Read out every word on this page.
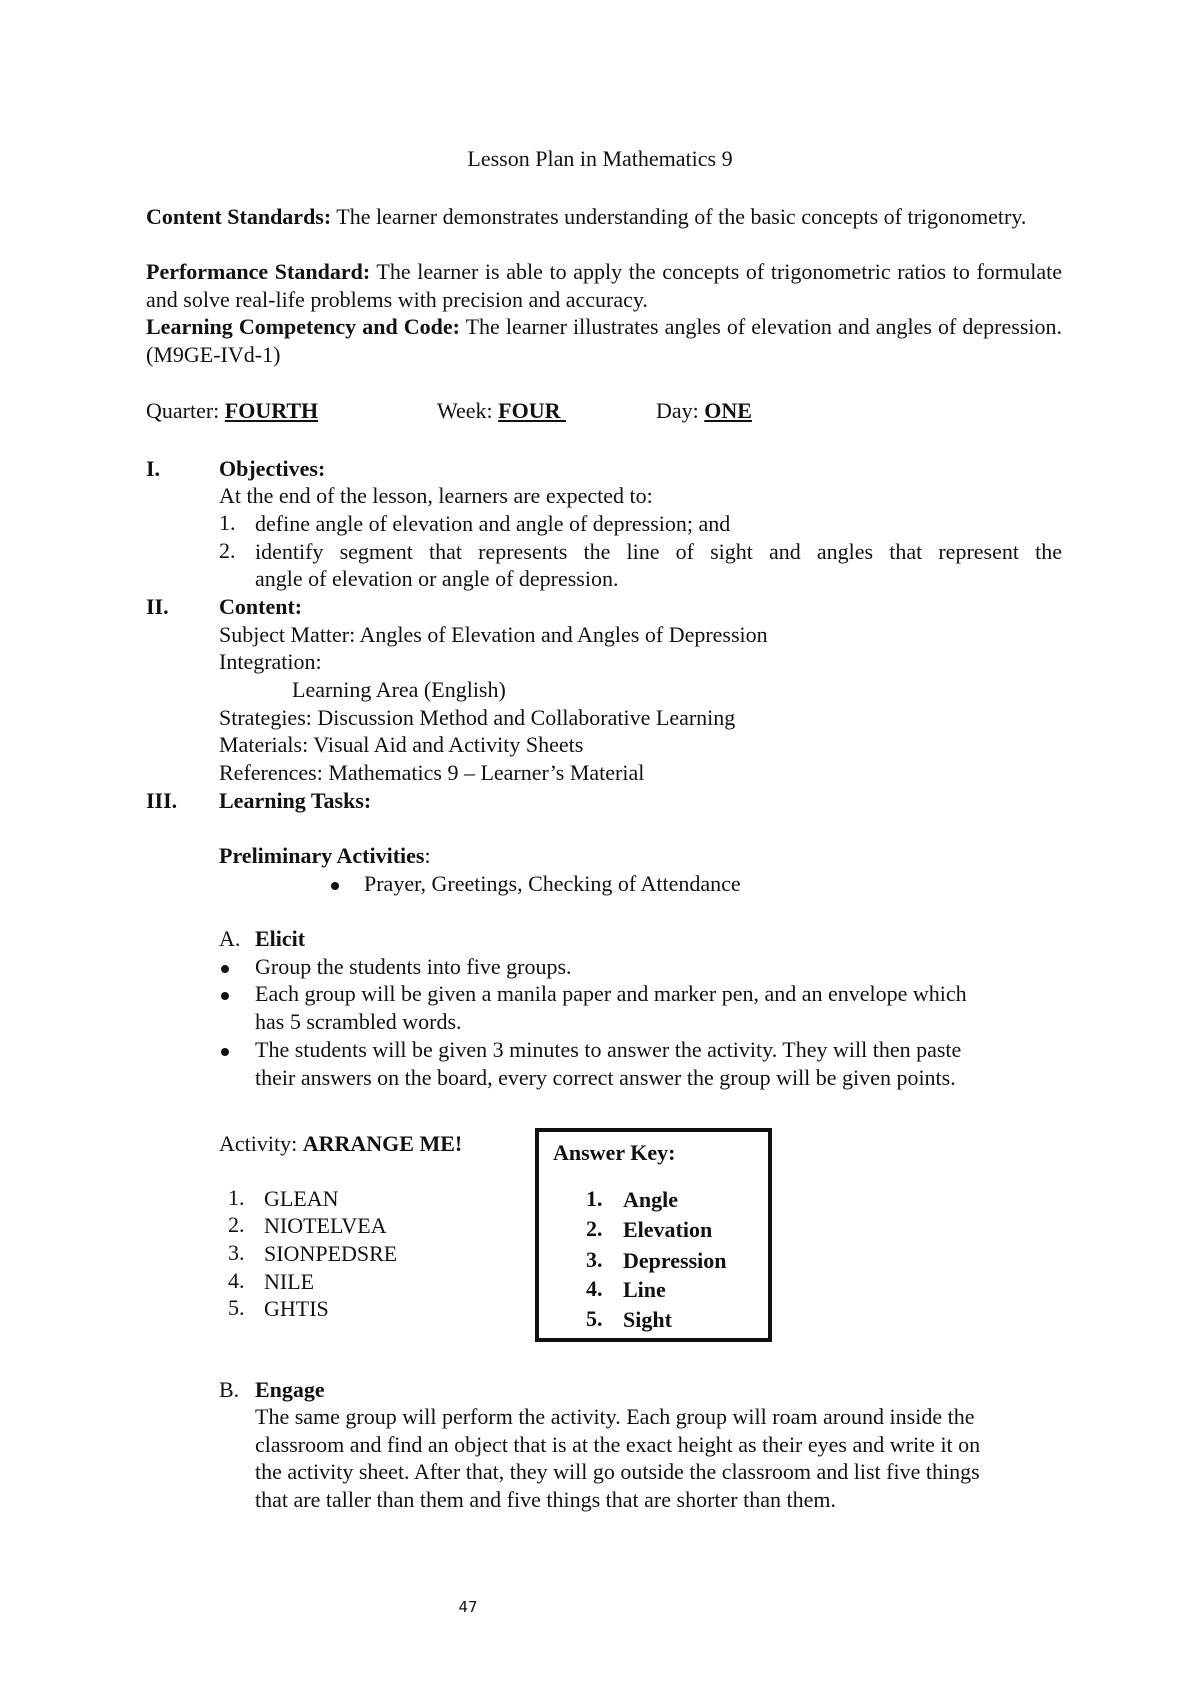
Lesson Plan in Mathematics 9
Content Standards: The learner demonstrates understanding of the basic concepts of trigonometry.
Performance Standard: The learner is able to apply the concepts of trigonometric ratios to formulate and solve real-life problems with precision and accuracy.
Learning Competency and Code: The learner illustrates angles of elevation and angles of depression. (M9GE-IVd-1)
Quarter: FOURTH	Week: FOUR	Day: ONE
I.	Objectives:
At the end of the lesson, learners are expected to:
1. define angle of elevation and angle of depression; and
2. identify segment that represents the line of sight and angles that represent the
angle of elevation or angle of depression.
II. Content:
Subject Matter: Angles of Elevation and Angles of Depression
Integration:
Learning Area (English)
Strategies: Discussion Method and Collaborative Learning
Materials: Visual Aid and Activity Sheets
References: Mathematics 9 – Learner’s Material
III. Learning Tasks:
Preliminary Activities:
Prayer, Greetings, Checking of Attendance
A. Elicit
Group the students into five groups.
Each group will be given a manila paper and marker pen, and an envelope which
has 5 scrambled words.
The students will be given 3 minutes to answer the activity. They will then paste
their answers on the board, every correct answer the group will be given points.
Activity: ARRANGE ME!
1. GLEAN
2. NIOTELVEA
3. SIONPEDSRE
4. NILE
5. GHTIS
Answer Key:
1. Angle
2. Elevation
3. Depression
4. Line
5. Sight
B. Engage
The same group will perform the activity. Each group will roam around inside the
classroom and find an object that is at the exact height as their eyes and write it on
the activity sheet. After that, they will go outside the classroom and list five things
that are taller than them and five things that are shorter than them.
47
